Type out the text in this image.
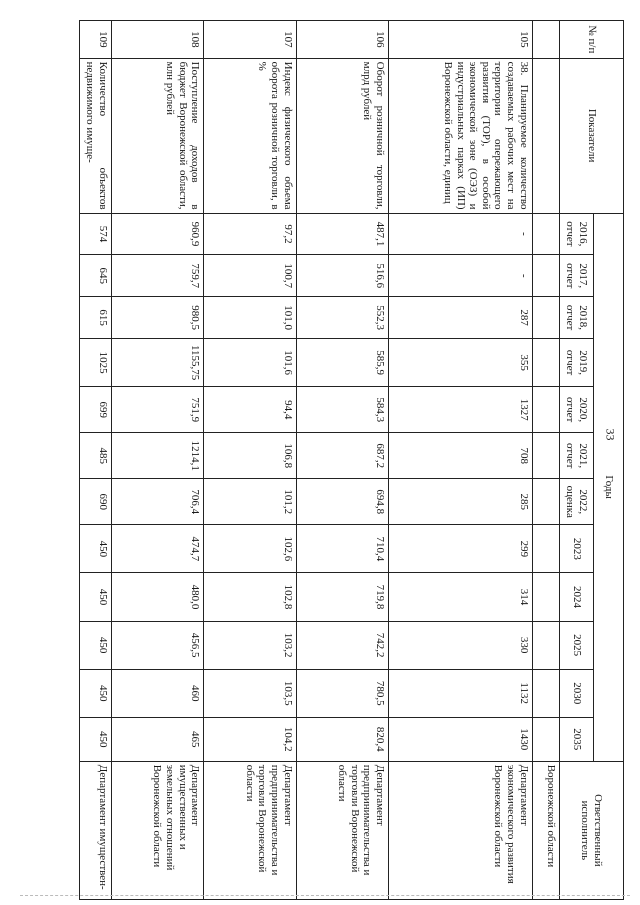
33
№ п/п	Показатели	Годы												Ответственный исполнитель
		2016, отчет	2017, отчет	2018, отчет	2019, отчет	2020, отчет	2021, отчет	2022, оценка	2023	2024	2025	2030	2035	
														Воронежской области
105	38. Планируемое количество создаваемых рабочих мест на территории опережающего развития (ТОР), в особой экономической зоне (ОЭЗ) и индустриальных парках (ИП) Воронежской области, единиц	-	-	287	355	1327	708	285	299	314	330	1132	1430	Департамент экономического развития Воронежской области
106	Оборот розничной торговли, млрд рублей	487,1	516,6	552,3	585,9	584,3	687,2	694,8	710,4	719,8	742,2	780,5	820,4	Департамент предпринимательства и торговли Воронежской области
107	Индекс физического объема оборота розничной торговли, в %	97,2	100,7	101,0	101,6	94,4	106,8	101,2	102,6	102,8	103,2	103,5	104,2	Департамент предпринимательства и торговли Воронежской области
108	Поступление доходов в бюджет Воронежской области, млн рублей	960,9	759,7	980,5	1155,75	751,9	1214,1	706,4	474,7	480,0	456,5	460	465	Департамент имущественных и земельных отношений Воронежской области
109	Количество объектов недвижимого имуще-	574	645	615	1025	699	485	690	450	450	450	450	450	Департамент имуществен-
